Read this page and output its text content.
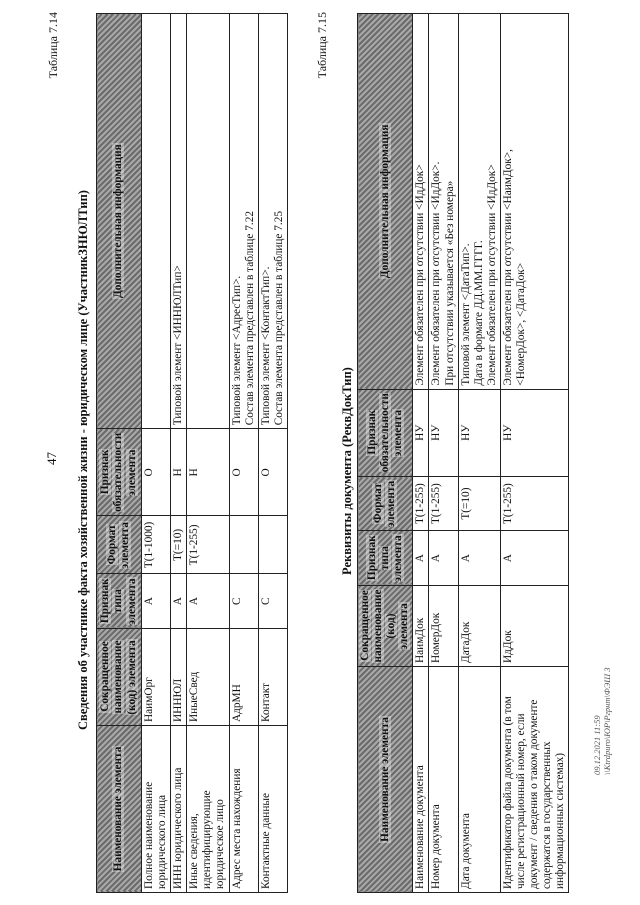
47
Таблица 7.14
Сведения об участнике факта хозяйственной жизни - юридическом лице (УчастникЗНЮЛТип)
Наименование элемента	Сокращенное наименование (код) элемента	Признак типа элемента	Формат элемента	Признак обязательности элемента	Дополнительная информация
Полное наименование юридического лица	НаимОрг	А	T(1-1000)	О	
ИНН юридического лица	ИННЮЛ	А	T(=10)	Н	Типовой элемент <ИННЮЛТип>
Иные сведения, идентифицирующие юридическое лицо	ИныеСвед	А	T(1-255)	Н	
Адрес места нахождения	АдрМН	С		О	Типовой элемент <АдресТип>.
Состав элемента представлен в таблице 7.22
Контактные данные	Контакт	С		О	Типовой элемент <КонтактТип>.
Состав элемента представлен в таблице 7.25
Таблица 7.15
Реквизиты документа (РеквДокТип)
Наименование элемента	Сокращенное наименование (код) элемента	Признак типа элемента	Формат элемента	Признак обязательности элемента	Дополнительная информация
Наименование документа	НаимДок	А	T(1-255)	НУ	Элемент обязателен при отсутствии <ИдДок>
Номер документа	НомерДок	А	T(1-255)	НУ	Элемент обязателен при отсутствии <ИдДок>.
При отсутствии указывается «Без номера»
Дата документа	ДатаДок	А	T(=10)	НУ	Типовой элемент <ДатаТип>.
Дата в формате ДД.ММ.ГГГГ.
Элемент обязателен при отсутствии <ИдДок>
Идентификатор файла документа (в том числе регистрационный номер, если документ / сведения о таком документе содержатся в государственных информационных системах)	ИдДок	А	T(1-255)	НУ	Элемент обязателен при отсутствии <НаимДок>,
<НомерДок>, <ДатаДок>
09.12.2021 11:59 \\Ktrdpuro\ЮР\Ргрнт\ФЭШ 3
